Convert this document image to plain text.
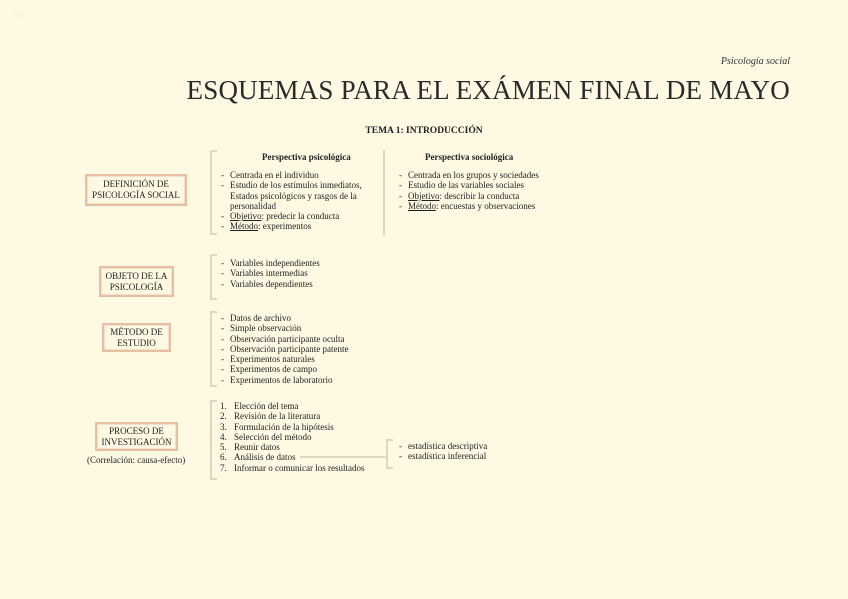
〰
Psicología social
ESQUEMAS PARA EL EXÁMEN FINAL DE MAYO
TEMA 1: INTRODUCCIÓN
DEFINICIÓN DE PSICOLOGÍA SOCIAL
Perspectiva psicológica
- Centrada en el individuo
- Estudio de los estímulos inmediatos, Estados psicológicos y rasgos de la personalidad
- Objetivo: predecir la conducta
- Método: experimentos
Perspectiva sociológica
- Centrada en los grupos y sociedades
- Estudio de las variables sociales
- Objetivo: describir la conducta
- Método: encuestas y observaciones
OBJETO DE LA PSICOLOGÍA
- Variables independientes
- Variables intermedias
- Variables dependientes
MÉTODO DE ESTUDIO
- Datos de archivo
- Simple observación
- Observación participante oculta
- Observación participante patente
- Experimentos naturales
- Experimentos de campo
- Experimentos de laboratorio
PROCESO DE INVESTIGACIÓN
(Correlación: causa-efecto)
1. Elección del tema
2. Revisión de la literatura
3. Formulación de la hipótesis
4. Selección del método
5. Reunir datos
6. Análisis de datos
7. Informar o comunicar los resultados
- estadística descriptiva
- estadística inferencial
